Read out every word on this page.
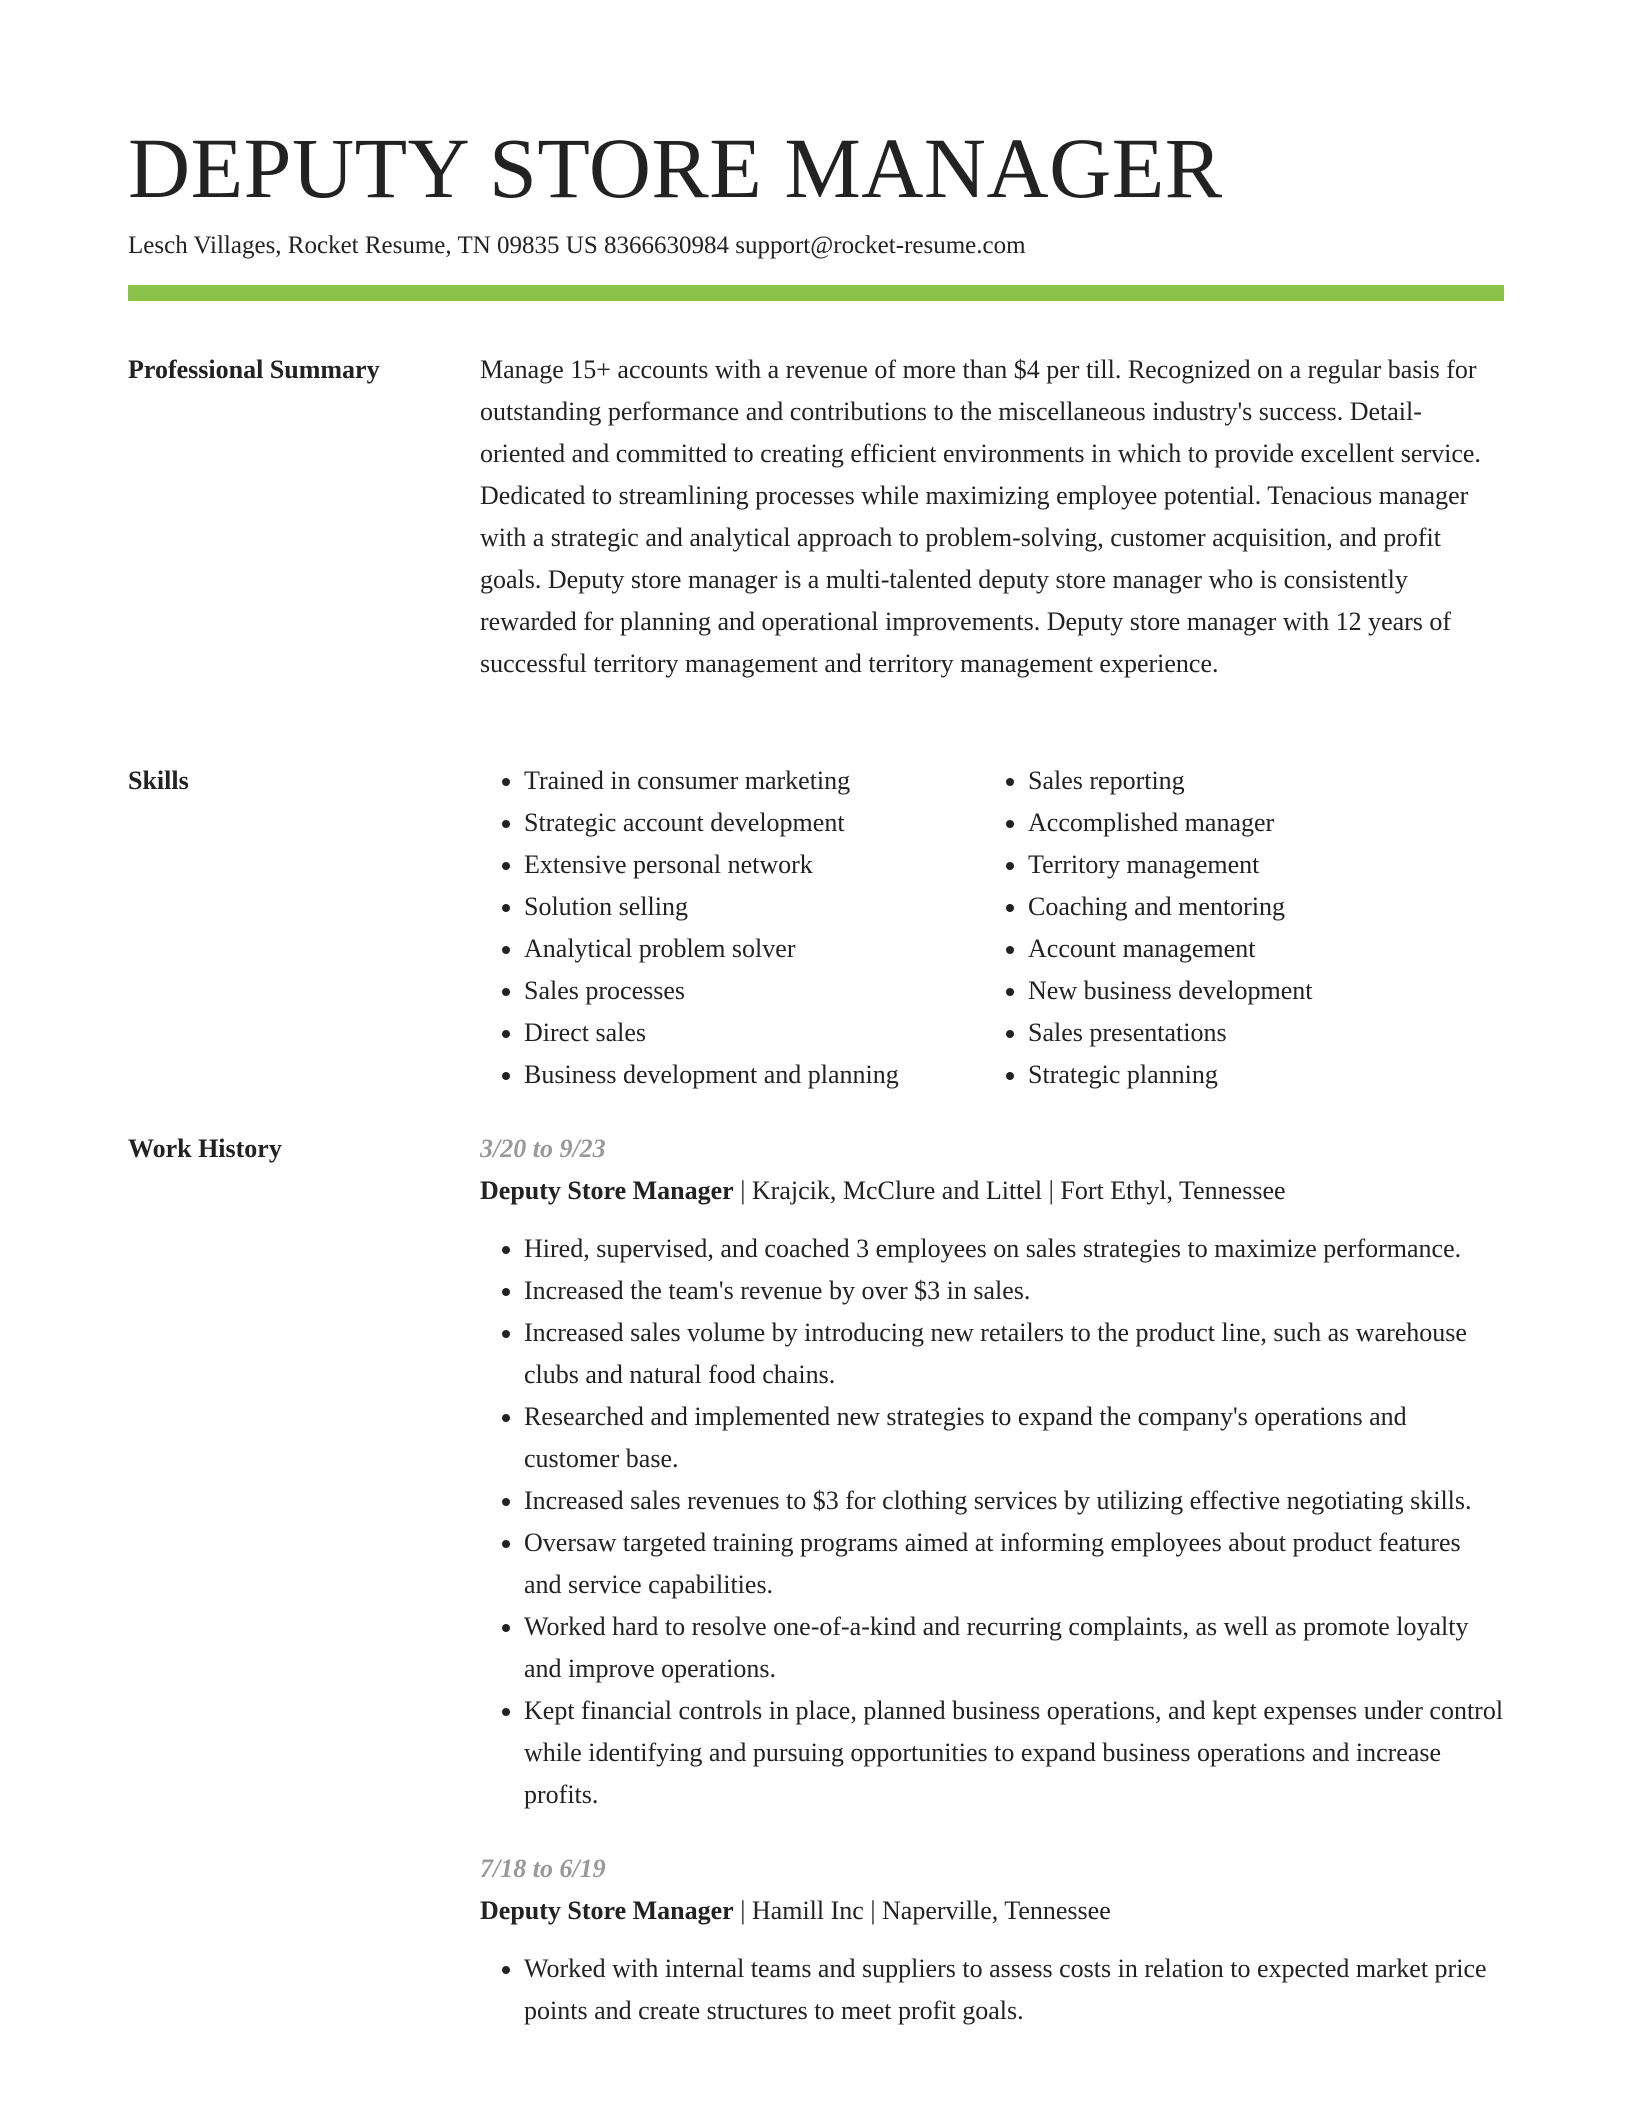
DEPUTY STORE MANAGER
Lesch Villages, Rocket Resume, TN 09835 US 8366630984 support@rocket-resume.com
Professional Summary	Manage 15+ accounts with a revenue of more than $4 per till. Recognized on a regular basis for outstanding performance and contributions to the miscellaneous industry's success. Detail-oriented and committed to creating efficient environments in which to provide excellent service. Dedicated to streamlining processes while maximizing employee potential. Tenacious manager with a strategic and analytical approach to problem-solving, customer acquisition, and profit goals. Deputy store manager is a multi-talented deputy store manager who is consistently rewarded for planning and operational improvements. Deputy store manager with 12 years of successful territory management and territory management experience.

Skills
•	Trained in consumer marketing
• Strategic account development
• Extensive personal network
• Solution selling
• Analytical problem solver
• Sales processes
• Direct sales
• Business development and planning
• Sales reporting
• Accomplished manager
• Territory management
• Coaching and mentoring
• Account management
• New business development
• Sales presentations
• Strategic planning
Work History	3/20 to 9/23
Deputy Store Manager | Krajcik, McClure and Littel | Fort Ethyl, Tennessee
• Hired, supervised, and coached 3 employees on sales strategies to maximize performance.
• Increased the team's revenue by over $3 in sales.
• Increased sales volume by introducing new retailers to the product line, such as warehouse clubs and natural food chains.
• Researched and implemented new strategies to expand the company's operations and customer base.
• Increased sales revenues to $3 for clothing services by utilizing effective negotiating skills.
• Oversaw targeted training programs aimed at informing employees about product features and service capabilities.
• Worked hard to resolve one-of-a-kind and recurring complaints, as well as promote loyalty and improve operations.
• Kept financial controls in place, planned business operations, and kept expenses under control while identifying and pursuing opportunities to expand business operations and increase profits.
7/18 to 6/19
Deputy Store Manager | Hamill Inc | Naperville, Tennessee
• Worked with internal teams and suppliers to assess costs in relation to expected market price points and create structures to meet profit goals.
